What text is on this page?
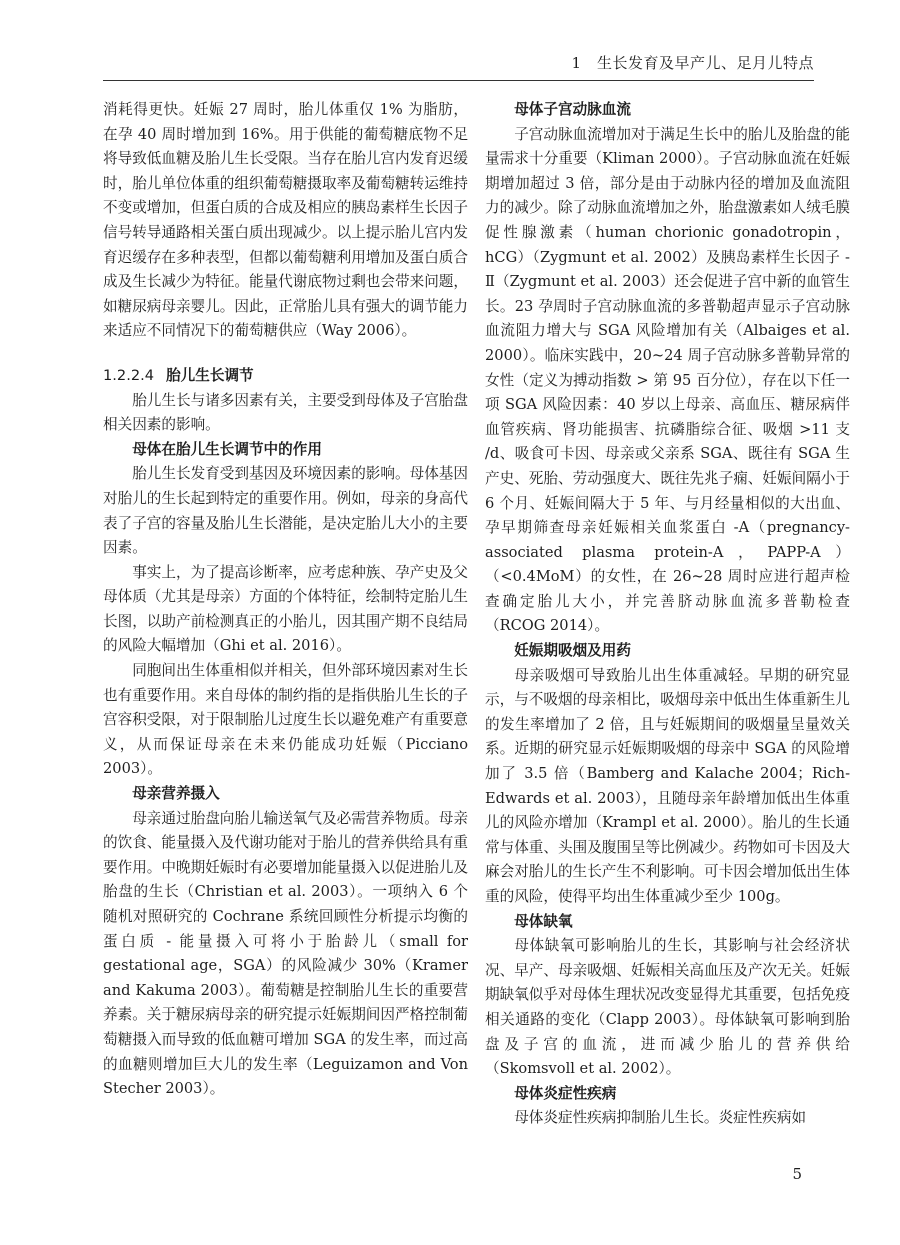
1　生长发育及早产儿、足月儿特点

消耗得更快。妊娠 27 周时，胎儿体重仅 1% 为脂肪，在孕 40 周时增加到 16%。用于供能的葡萄糖底物不足将导致低血糖及胎儿生长受限。当存在胎儿宫内发育迟缓时，胎儿单位体重的组织葡萄糖摄取率及葡萄糖转运维持不变或增加，但蛋白质的合成及相应的胰岛素样生长因子信号转导通路相关蛋白质出现减少。以上提示胎儿宫内发育迟缓存在多种表型，但都以葡萄糖利用增加及蛋白质合成及生长减少为特征。能量代谢底物过剩也会带来问题，如糖尿病母亲婴儿。因此，正常胎儿具有强大的调节能力来适应不同情况下的葡萄糖供应（Way 2006）。

1.2.2.4 胎儿生长调节

胎儿生长与诸多因素有关，主要受到母体及子宫胎盘相关因素的影响。

母体在胎儿生长调节中的作用

胎儿生长发育受到基因及环境因素的影响。母体基因对胎儿的生长起到特定的重要作用。例如，母亲的身高代表了子宫的容量及胎儿生长潜能，是决定胎儿大小的主要因素。

事实上，为了提高诊断率，应考虑种族、孕产史及父母体质（尤其是母亲）方面的个体特征，绘制特定胎儿生长图，以助产前检测真正的小胎儿，因其围产期不良结局的风险大幅增加（Ghi et al. 2016）。

同胞间出生体重相似并相关，但外部环境因素对生长也有重要作用。来自母体的制约指的是指供胎儿生长的子宫容积受限，对于限制胎儿过度生长以避免难产有重要意义，从而保证母亲在未来仍能成功妊娠（Picciano 2003）。

母亲营养摄入

母亲通过胎盘向胎儿输送氧气及必需营养物质。母亲的饮食、能量摄入及代谢功能对于胎儿的营养供给具有重要作用。中晚期妊娠时有必要增加能量摄入以促进胎儿及胎盘的生长（Christian et al. 2003）。一项纳入 6 个随机对照研究的 Cochrane 系统回顾性分析提示均衡的蛋白质 - 能量摄入可将小于胎龄儿（small for gestational age，SGA）的风险减少 30%（Kramer and Kakuma 2003）。葡萄糖是控制胎儿生长的重要营养素。关于糖尿病母亲的研究提示妊娠期间因严格控制葡萄糖摄入而导致的低血糖可增加 SGA 的发生率，而过高的血糖则增加巨大儿的发生率（Leguizamon and Von Stecher 2003）。

母体子宫动脉血流

子宫动脉血流增加对于满足生长中的胎儿及胎盘的能量需求十分重要（Kliman 2000）。子宫动脉血流在妊娠期增加超过 3 倍，部分是由于动脉内径的增加及血流阻力的减少。除了动脉血流增加之外，胎盘激素如人绒毛膜促性腺激素（human chorionic gonadotropin，hCG）（Zygmunt et al. 2002）及胰岛素样生长因子 - Ⅱ（Zygmunt et al. 2003）还会促进子宫中新的血管生长。23 孕周时子宫动脉血流的多普勒超声显示子宫动脉血流阻力增大与 SGA 风险增加有关（Albaiges et al. 2000）。临床实践中，20~24 周子宫动脉多普勒异常的女性（定义为搏动指数 > 第 95 百分位），存在以下任一项 SGA 风险因素：40 岁以上母亲、高血压、糖尿病伴血管疾病、肾功能损害、抗磷脂综合征、吸烟 >11 支 /d、吸食可卡因、母亲或父亲系 SGA、既往有 SGA 生产史、死胎、劳动强度大、既往先兆子痫、妊娠间隔小于 6 个月、妊娠间隔大于 5 年、与月经量相似的大出血、孕早期筛查母亲妊娠相关血浆蛋白 -A（pregnancy-associated plasma protein-A，PAPP-A）（<0.4MoM）的女性，在 26~28 周时应进行超声检查确定胎儿大小，并完善脐动脉血流多普勒检查（RCOG 2014）。

妊娠期吸烟及用药

母亲吸烟可导致胎儿出生体重减轻。早期的研究显示，与不吸烟的母亲相比，吸烟母亲中低出生体重新生儿的发生率增加了 2 倍，且与妊娠期间的吸烟量呈量效关系。近期的研究显示妊娠期吸烟的母亲中 SGA 的风险增加了 3.5 倍（Bamberg and Kalache 2004；Rich-Edwards et al. 2003），且随母亲年龄增加低出生体重儿的风险亦增加（Krampl et al. 2000）。胎儿的生长通常与体重、头围及腹围呈等比例减少。药物如可卡因及大麻会对胎儿的生长产生不利影响。可卡因会增加低出生体重的风险，使得平均出生体重减少至少 100g。

母体缺氧

母体缺氧可影响胎儿的生长，其影响与社会经济状况、早产、母亲吸烟、妊娠相关高血压及产次无关。妊娠期缺氧似乎对母体生理状况改变显得尤其重要，包括免疫相关通路的变化（Clapp 2003）。母体缺氧可影响到胎盘及子宫的血流，进而减少胎儿的营养供给（Skomsvoll et al. 2002）。

母体炎症性疾病

母体炎症性疾病抑制胎儿生长。炎症性疾病如

5
